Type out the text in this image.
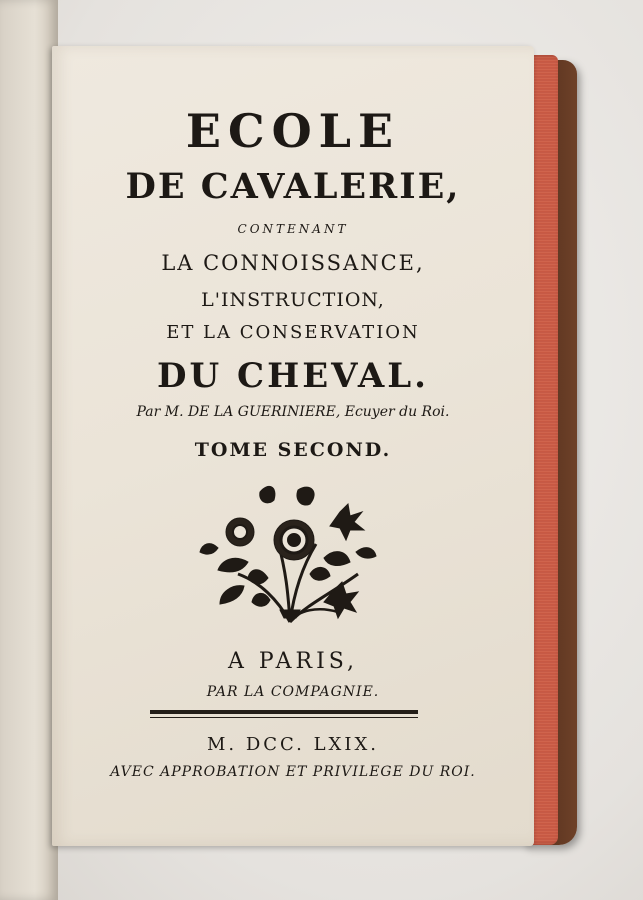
ECOLE
DE CAVALERIE,
CONTENANT
LA CONNOISSANCE,
L'INSTRUCTION,
ET LA CONSERVATION
DU CHEVAL.
Par M. DE LA GUERINIERE, Ecuyer du Roi.
TOME SECOND.
A PARIS,
PAR LA COMPAGNIE.
M. DCC. LXIX.
AVEC APPROBATION ET PRIVILEGE DU ROI.
